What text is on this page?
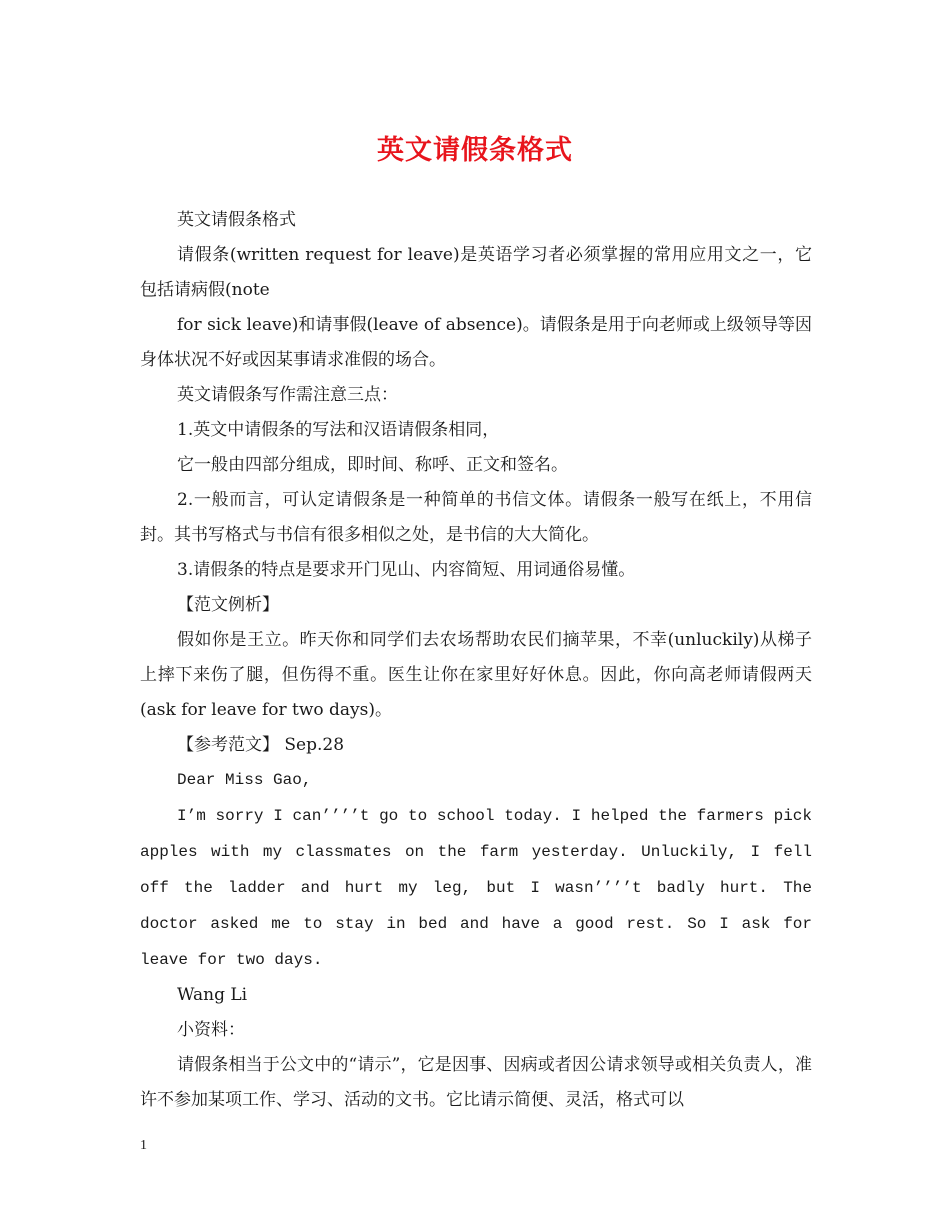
英文请假条格式

英文请假条格式

请假条(written request for leave)是英语学习者必须掌握的常用应用文之一，它包括请病假(note

for sick leave)和请事假(leave of absence)。请假条是用于向老师或上级领导等因身体状况不好或因某事请求准假的场合。

英文请假条写作需注意三点：

1.英文中请假条的写法和汉语请假条相同，

它一般由四部分组成，即时间、称呼、正文和签名。

2.一般而言，可认定请假条是一种简单的书信文体。请假条一般写在纸上，不用信封。其书写格式与书信有很多相似之处，是书信的大大简化。

3.请假条的特点是要求开门见山、内容简短、用词通俗易懂。

【范文例析】

假如你是王立。昨天你和同学们去农场帮助农民们摘苹果，不幸(unluckily)从梯子上摔下来伤了腿，但伤得不重。医生让你在家里好好休息。因此，你向高老师请假两天(ask for leave for two days)。

【参考范文】 Sep.28

Dear Miss Gao,

I’m sorry I can’’’’t go to school today. I helped the farmers pick apples with my classmates on the farm yesterday. Unluckily, I fell off the ladder and hurt my leg, but I wasn’’’’t badly hurt. The doctor asked me to stay in bed and have a good rest. So I ask for leave for two days.

Wang Li

小资料：

请假条相当于公文中的“请示”，它是因事、因病或者因公请求领导或相关负责人，准许不参加某项工作、学习、活动的文书。它比请示简便、灵活，格式可以

1
